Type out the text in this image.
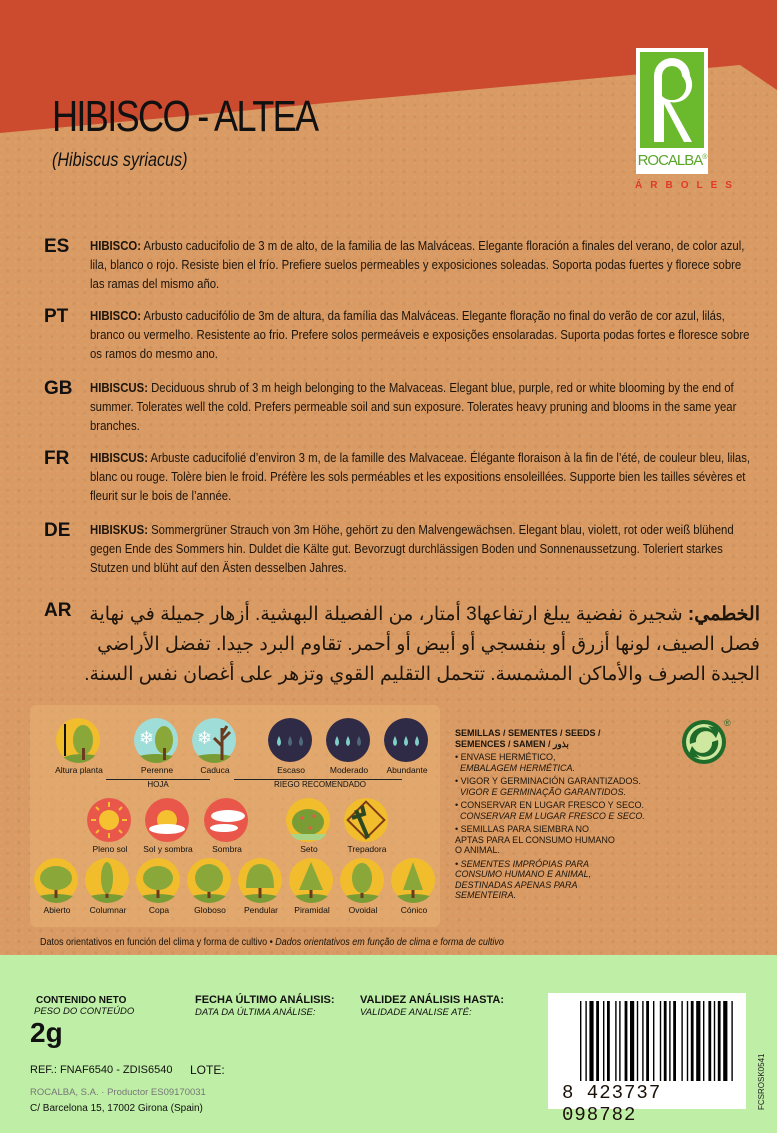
HIBISCO - ALTEA
(Hibiscus syriacus)	ROCALBA®
ÁRBOLES
ES HIBISCO: Arbusto caducifolio de 3 m de alto, de la familia de las Malváceas. Elegante floración a finales del verano, de color azul, lila, blanco o rojo. Resiste bien el frío. Prefiere suelos permeables y exposiciones soleadas. Soporta podas fuertes y florece sobre las ramas del mismo año.
PT HIBISCO: Arbusto caducifólio de 3m de altura, da família das Malváceas. Elegante floração no final do verão de cor azul, lilás, branco ou vermelho. Resistente ao frio. Prefere solos permeáveis e exposições ensolaradas. Suporta podas fortes e floresce sobre os ramos do mesmo ano.
GB HIBISCUS: Deciduous shrub of 3 m heigh belonging to the Malvaceas. Elegant blue, purple, red or white blooming by the end of summer. Tolerates well the cold. Prefers permeable soil and sun exposure. Tolerates heavy pruning and blooms in the same year branches.
FR HIBISCUS: Arbuste caducifolié d’environ 3 m, de la famille des Malvaceae. Élégante floraison à la fin de l’été, de couleur bleu, lilas, blanc ou rouge. Tolère bien le froid. Préfère les sols perméables et les expositions ensoleillées. Supporte bien les tailles sévères et fleurit sur le bois de l’année.
DE HIBISKUS: Sommergrüner Strauch von 3m Höhe, gehört zu den Malvengewächsen. Elegant blau, violett, rot oder weiß blühend gegen Ende des Sommers hin. Duldet die Kälte gut. Bevorzugt durchlässigen Boden und Sonnenaussetzung. Toleriert starkes Stutzen und blüht auf den Ästen desselben Jahres.
AR	الخطمي: شجيرة نفضية يبلغ ارتفاعها3 أمتار، من الفصيلة البهشية. أزهار جميلة في نهاية فصل الصيف، لونها أزرق أو بنفسجي أو أبيض أو أحمر. تقاوم البرد جيدا. تفضل الأراضي الجيدة الصرف والأماكن المشمسة. تتحمل التقليم القوي وتزهر على أغصان نفس السنة.
Altura planta
❄
Perenne
❄
Caduca
HOJA
Escaso	Moderado	Abundante
RIEGO RECOMENDADO
Pleno sol	Sol y sombra	Sombra	Seto	Trepadora
Abierto	Columnar	Copa	Globoso	Pendular	Piramidal	Ovoidal	Cónico
SEMILLAS / SEMENTES / SEEDS /
SEMENCES / SAMEN / بذور
• ENVASE HERMÉTICO,
EMBALAGEM HERMÉTICA.
• VIGOR Y GERMINACIÓN GARANTIZADOS.
VIGOR E GERMINAÇÃO GARANTIDOS.
• CONSERVAR EN LUGAR FRESCO Y SECO.
CONSERVAR EM LUGAR FRESCO E SECO.
• SEMILLAS PARA SIEMBRA NO APTAS PARA EL CONSUMO HUMANO O ANIMAL.
• SEMENTES IMPRÓPIAS PARA CONSUMO HUMANO E ANIMAL, DESTINADAS APENAS PARA SEMENTEIRA.
®
Datos orientativos en función del clima y forma de cultivo • Dados orientativos em função de clima e forma de cultivo
CONTENIDO NETO
PESO DO CONTEÚDO
2g
FECHA ÚLTIMO ANÁLISIS:
DATA DA ÚLTIMA ANÁLISE:
VALIDEZ ANÁLISIS HASTA:
VALIDADE ANALISE ATÉ:
REF.: FNAF6540 - ZDIS6540 LOTE:
ROCALBA, S.A. · Productor ES09170031
C/ Barcelona 15, 17002 Girona (Spain)
8 423737 098782
FCSROSK0541
